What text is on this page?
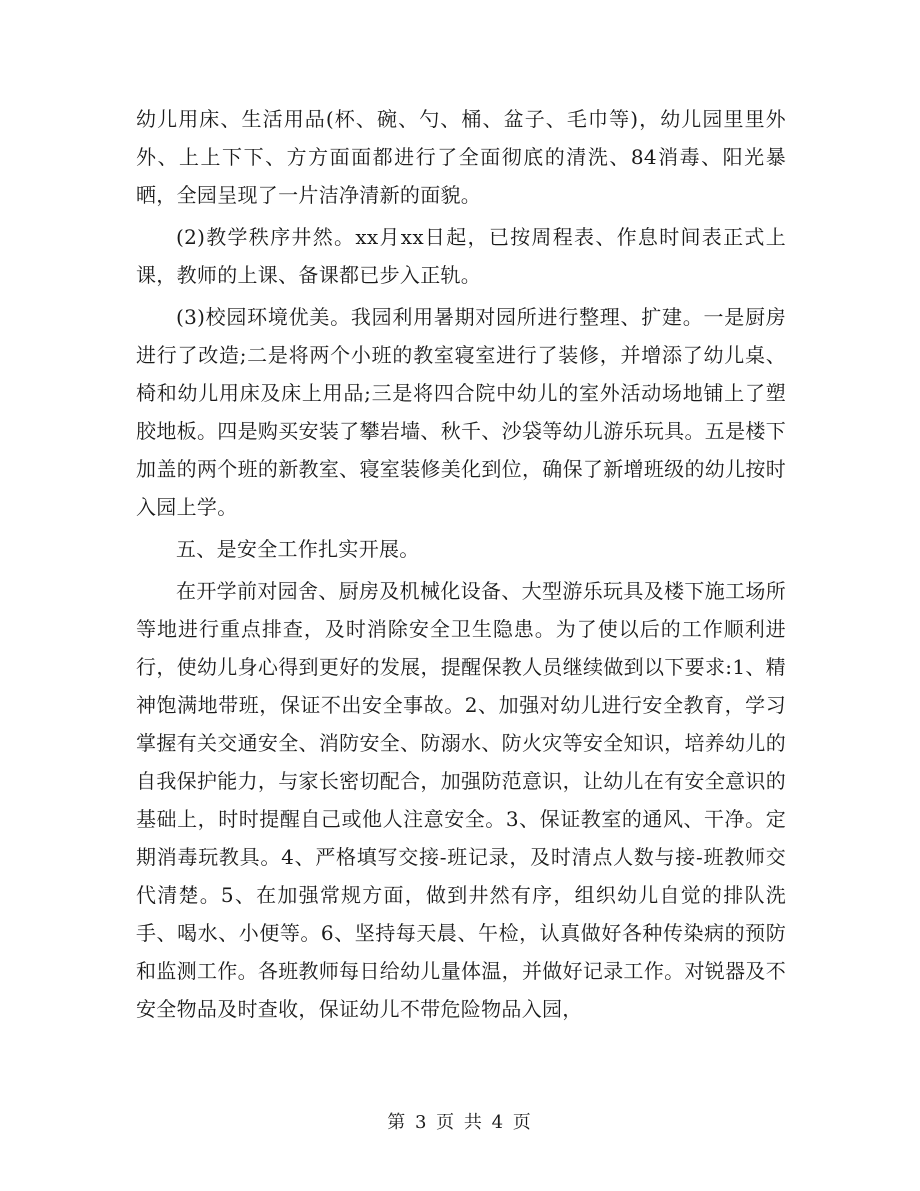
幼儿用床、生活用品(杯、碗、勺、桶、盆子、毛巾等)，幼儿园里里外外、上上下下、方方面面都进行了全面彻底的清洗、84消毒、阳光暴晒，全园呈现了一片洁净清新的面貌。

(2)教学秩序井然。xx月xx日起，已按周程表、作息时间表正式上课，教师的上课、备课都已步入正轨。

(3)校园环境优美。我园利用暑期对园所进行整理、扩建。一是厨房进行了改造;二是将两个小班的教室寝室进行了装修，并增添了幼儿桌、椅和幼儿用床及床上用品;三是将四合院中幼儿的室外活动场地铺上了塑胶地板。四是购买安装了攀岩墙、秋千、沙袋等幼儿游乐玩具。五是楼下加盖的两个班的新教室、寝室装修美化到位，确保了新增班级的幼儿按时入园上学。

五、是安全工作扎实开展。

在开学前对园舍、厨房及机械化设备、大型游乐玩具及楼下施工场所等地进行重点排查，及时消除安全卫生隐患。为了使以后的工作顺利进行，使幼儿身心得到更好的发展，提醒保教人员继续做到以下要求:1、精神饱满地带班，保证不出安全事故。2、加强对幼儿进行安全教育，学习掌握有关交通安全、消防安全、防溺水、防火灾等安全知识，培养幼儿的自我保护能力，与家长密切配合，加强防范意识，让幼儿在有安全意识的基础上，时时提醒自己或他人注意安全。3、保证教室的通风、干净。定期消毒玩教具。4、严格填写交接-班记录，及时清点人数与接-班教师交代清楚。5、在加强常规方面，做到井然有序，组织幼儿自觉的排队洗手、喝水、小便等。6、坚持每天晨、午检，认真做好各种传染病的预防和监测工作。各班教师每日给幼儿量体温，并做好记录工作。对锐器及不安全物品及时查收，保证幼儿不带危险物品入园，

第 3 页 共 4 页
